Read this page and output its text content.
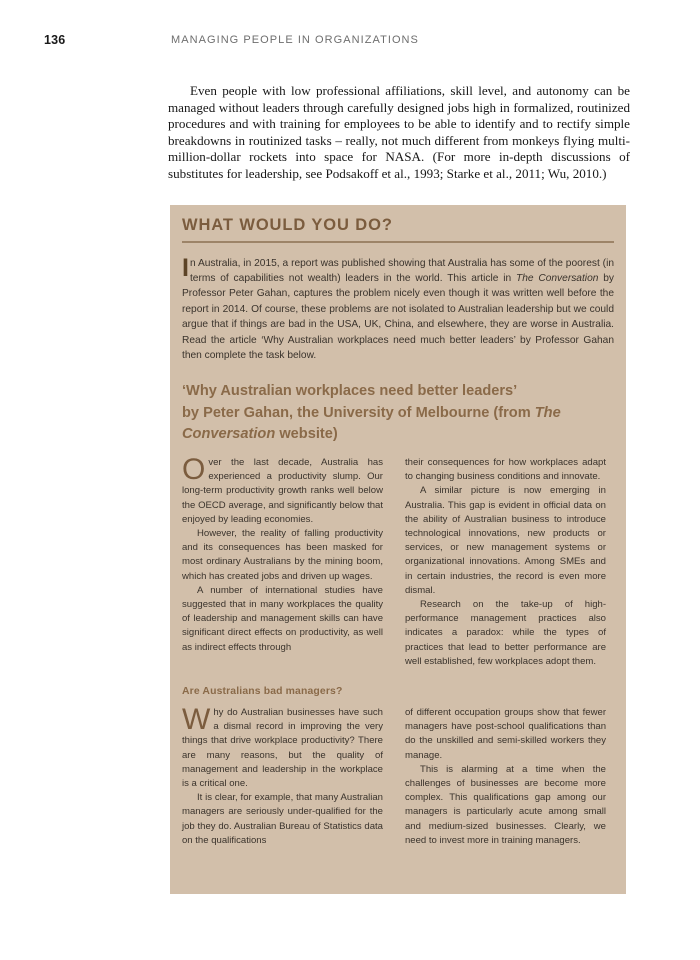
136	MANAGING PEOPLE IN ORGANIZATIONS

Even people with low professional affiliations, skill level, and autonomy can be managed without leaders through carefully designed jobs high in formalized, routinized procedures and with training for employees to be able to identify and to rectify simple breakdowns in routinized tasks – really, not much different from monkeys flying multi-million-dollar rockets into space for NASA. (For more in-depth discussions of substitutes for leadership, see Podsakoff et al., 1993; Starke et al., 2011; Wu, 2010.)

WHAT WOULD YOU DO?

In Australia, in 2015, a report was published showing that Australia has some of the poorest (in terms of capabilities not wealth) leaders in the world. This article in The Conversation by Professor Peter Gahan, captures the problem nicely even though it was written well before the report in 2014. Of course, these problems are not isolated to Australian leadership but we could argue that if things are bad in the USA, UK, China, and elsewhere, they are worse in Australia. Read the article ‘Why Australian workplaces need much better leaders’ by Professor Gahan then complete the task below.

‘Why Australian workplaces need better leaders’
by Peter Gahan, the University of Melbourne (from The Conversation website)

Over the last decade, Australia has experienced a productivity slump. Our long-term productivity growth ranks well below the OECD average, and significantly below that enjoyed by leading economies.

However, the reality of falling productivity and its consequences has been masked for most ordinary Australians by the mining boom, which has created jobs and driven up wages.

A number of international studies have suggested that in many workplaces the quality of leadership and management skills can have significant direct effects on productivity, as well as indirect effects through

their consequences for how workplaces adapt to changing business conditions and innovate.

A similar picture is now emerging in Australia. This gap is evident in official data on the ability of Australian business to introduce technological innovations, new products or services, or new management systems or organizational innovations. Among SMEs and in certain industries, the record is even more dismal.

Research on the take-up of high-performance management practices also indicates a paradox: while the types of practices that lead to better performance are well established, few workplaces adopt them.

Are Australians bad managers?

Why do Australian businesses have such a dismal record in improving the very things that drive workplace productivity? There are many reasons, but the quality of management and leadership in the workplace is a critical one.

It is clear, for example, that many Australian managers are seriously under-qualified for the job they do. Australian Bureau of Statistics data on the qualifications

of different occupation groups show that fewer managers have post-school qualifications than do the unskilled and semi-skilled workers they manage.

This is alarming at a time when the challenges of businesses are become more complex. This qualifications gap among our managers is particularly acute among small and medium-sized businesses. Clearly, we need to invest more in training managers.
